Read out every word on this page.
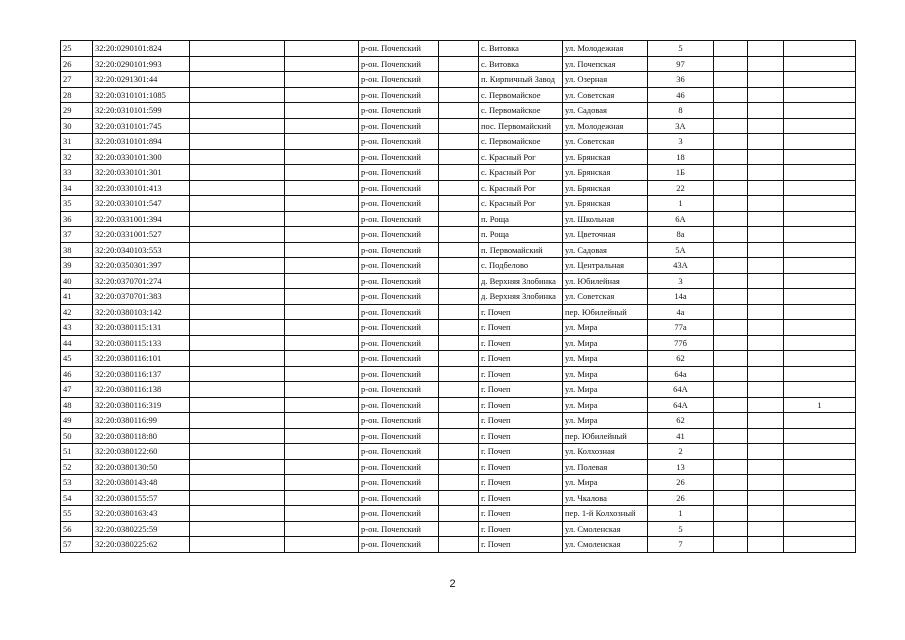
25	32:20:0290101:824			р-он. Почепский		с. Витовка	ул. Молодежная	5			
26	32:20:0290101:993			р-он. Почепский		с. Витовка	ул. Почепская	97			
27	32:20:0291301:44			р-он. Почепский		п. Кирпичный Завод	ул. Озерная	36			
28	32:20:0310101:1085			р-он. Почепский		с. Первомайское	ул. Советская	46			
29	32:20:0310101:599			р-он. Почепский		с. Первомайское	ул. Садовая	8			
30	32:20:0310101:745			р-он. Почепский		пос. Первомайский	ул. Молодежная	3А			
31	32:20:0310101:894			р-он. Почепский		с. Первомайское	ул. Советская	3			
32	32:20:0330101:300			р-он. Почепский		с. Красный Рог	ул. Брянская	18			
33	32:20:0330101:301			р-он. Почепский		с. Красный Рог	ул. Брянская	1Б			
34	32:20:0330101:413			р-он. Почепский		с. Красный Рог	ул. Брянская	22			
35	32:20:0330101:547			р-он. Почепский		с. Красный Рог	ул. Брянская	1			
36	32:20:0331001:394			р-он. Почепский		п. Роща	ул. Школьная	6А			
37	32:20:0331001:527			р-он. Почепский		п. Роща	ул. Цветочная	8а			
38	32:20:0340103:553			р-он. Почепский		п. Первомайский	ул. Садовая	5А			
39	32:20:0350301:397			р-он. Почепский		с. Подбелово	ул. Центральная	43А			
40	32:20:0370701:274			р-он. Почепский		д. Верхняя Злобинка	ул. Юбилейная	3			
41	32:20:0370701:383			р-он. Почепский		д. Верхняя Злобинка	ул. Советская	14а			
42	32:20:0380103:142			р-он. Почепский		г. Почеп	пер. Юбилейный	4а			
43	32:20:0380115:131			р-он. Почепский		г. Почеп	ул. Мира	77а			
44	32:20:0380115:133			р-он. Почепский		г. Почеп	ул. Мира	77б			
45	32:20:0380116:101			р-он. Почепский		г. Почеп	ул. Мира	62			
46	32:20:0380116:137			р-он. Почепский		г. Почеп	ул. Мира	64а			
47	32:20:0380116:138			р-он. Почепский		г. Почеп	ул. Мира	64А			
48	32:20:0380116:319			р-он. Почепский		г. Почеп	ул. Мира	64А			1
49	32:20:0380116:99			р-он. Почепский		г. Почеп	ул. Мира	62			
50	32:20:0380118:80			р-он. Почепский		г. Почеп	пер. Юбилейный	41			
51	32:20:0380122:60			р-он. Почепский		г. Почеп	ул. Колхозная	2			
52	32:20:0380130:50			р-он. Почепский		г. Почеп	ул. Полевая	13			
53	32:20:0380143:48			р-он. Почепский		г. Почеп	ул. Мира	26			
54	32:20:0380155:57			р-он. Почепский		г. Почеп	ул. Чкалова	26			
55	32:20:0380163:43			р-он. Почепский		г. Почеп	пер. 1-й Колхозный	1			
56	32:20:0380225:59			р-он. Почепский		г. Почеп	ул. Смоленская	5			
57	32:20:0380225:62			р-он. Почепский		г. Почеп	ул. Смоленская	7			
2
